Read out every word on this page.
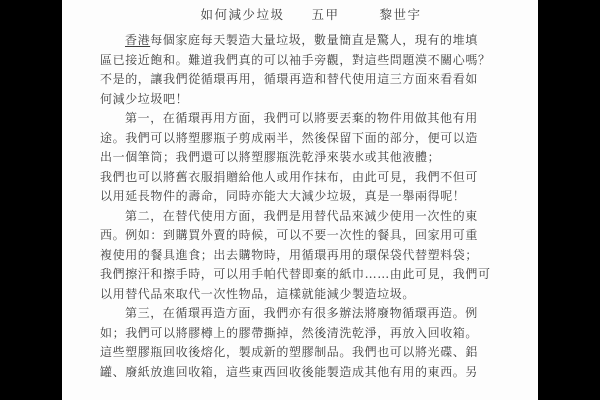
如何減少垃圾 五甲	黎世宇
香港每個家庭每天製造大量垃圾，數量簡直是驚人，現有的堆填
區已接近飽和。難道我們真的可以袖手旁觀，對這些問題漠不關心嗎？
不是的，讓我們從循環再用，循環再造和替代使用這三方面來看看如
何減少垃圾吧！
第一，在循環再用方面，我們可以將要丟棄的物件用做其他有用
途。我們可以將塑膠瓶子剪成兩半，然後保留下面的部分，便可以造
出一個筆筒；我們還可以將塑膠瓶洗乾淨來裝水或其他液體；
我們也可以將舊衣服捐贈給他人或用作抹布，由此可見，我們不但可
以用延長物件的壽命，同時亦能大大減少垃圾，真是一舉兩得呢！
第二，在替代使用方面，我們是用替代品來減少使用一次性的東
西。例如：到購買外賣的時候，可以不要一次性的餐具，回家用可重
複使用的餐具進食；出去購物時，用循環再用的環保袋代替塑料袋；
我們擦汗和擦手時，可以用手帕代替即棄的紙巾……由此可見，我們可
以用替代品來取代一次性物品，這樣就能減少製造垃圾。
第三，在循環再造方面，我們亦有很多辦法將廢物循環再造。例
如；我們可以將膠樽上的膠帶撕掉，然後清洗乾淨，再放入回收箱。
這些塑膠瓶回收後熔化，製成新的塑膠制品。我們也可以將光碟、鋁
罐、廢紙放進回收箱，這些東西回收後能製造成其他有用的東西。另
